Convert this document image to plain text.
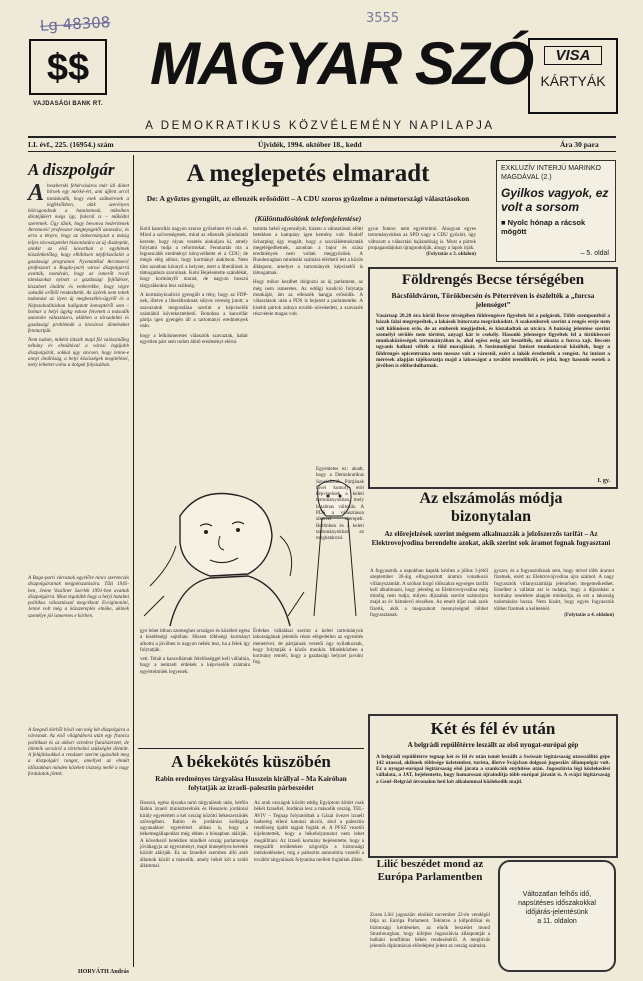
Lg 48308	3555
$$
VAJDASÁGI BANK RT.
MAGYAR SZÓ	VISA
KÁRTYÁK
A DEMOKRATIKUS KÖZVÉLEMÉNY NAPILAPJA
LI. évf., 225. (16954.) szám	Újvidék, 1994. október 18., kedd	Ára 30 para
A diszpolgár
Abeszberski fehérvásáros már idi dönet hírnek egy mérké-ért, ami újfent arról tanúskodik, hogy ezek szükséresek a legfelsőbben, akik szerényen bölcsgondnak a hatalomnak, mikoiben döntéjükért mégs így, federál is – működni szeretnek. Úgy tűnik, hogy bevonva hederítenek Avromović professzor megtepsgetől azonsára, és arra a tényre, hogy az önkormányzat a másig teljes távoszigetelet biszonlatúra az új diszkeptüt, annkit az első kavarban a egyhitnek köszönhetőleg, hogy elhibítsen népfelszólalót a gazdasági programot. Nyomatékul Avramović professzort a Bogdo-parti városi díszpolgárrá avatták, mondván, hogy az ismerőt rocdi támászokat nyitott a gazdasági fejlődésre, kiszabott önállni és emberekbe, hogy végre sokadik erőből rendezhetik. Az üzérek nem tettek tudomást az ilyen új megbeszélés-ügyről és a Népszabadításban hallgatott komoptéről sem – holnar a helyi ügykg eztose felvetett a második autonóm választásra, akikben a társadalmi és gazdasági problémák a kisvárosi döntéseket fenntartják.

Nem tudom, miként látszik majd föl valószínűleg néhány év elmúltával a városi legújabb díszpolgárát, sokkal úgy sincsen, hogy lenne-e annyi önállóság, a helyi közösségek megítélései, mely lehetett volna a dolgok folyásában.

A Bogo-parti városnak egyelőre nincs szerencsés díszpolgárainak megpótszatására. Tűzi 1945-ben, Jenne Vasiliner Szerlék 1991-ben avattak díszpolgárrá. Most legalább hogy a helyi hatalmi politikus választással megcélzott Evriginonini, Jenné volt még a közszereplés elnöke, akinek személye jól ismeretes e körben.
A Szegedi körből hívál van még két díszpolgára a városnak. Az első világháború után egy francia politikust és az akkori ezredest fiatalszerzett, de ötleteik sorsáról a történelmi szükséglet döntött. A felújításokkal a rendszer szerint igazolták meg a díszpolgári rangot, amellyel az elmúlt időszakban minden közéleti tisztség mellé a nagy fordulatok jöttek.
HORVÁTH András
A meglepetés elmaradt
De: A győztes gyengült, az ellenzék erősödött – A CDU szoros győzelme a németországi választásokon
(Különtudósítónk telefonjelentése)

Kohl kancellár nagyon szoros győzelmet ért csak el. Mind a szövetségesek, mind az ellenzék jóindulatát kereste, hogy olyan vezetés alakuljon ki, amely folytatni tudja a reformokat. Fenntartás óta a legnoscabb eredményt könyvelhette el a CDU; de mégis elég ahhoz, hogy kormányt alakítson. Nem tűnt azonban könnyű a helyzet, mert a liberálisok is támogatásra szorulnak. Kohl Bejelentette szándékát, hogy kormányfő marad, de nagyon hosszú tárgyalásokra lesz szükség.

A kormánykoalíció gyengült a tény, hogy az FDP-nek, illetve a liberálisoknak súlyos vereség jutott, a szavazatok megoszlása szerint a képviselők számából következtethető. Bonnban a kancellár pártja igen gyengén áll a tartományi eredmények után.

hogy a lelkiismeretes választók szavaztak, habár egyetlen párt sem tudott átütő eredményt elérni.

tartotta belső egyensúlyát, hiszen a választások előtti hetekben a kampány igen kemény volt. Rudolf Scharping úgy reagált, hogy a szociáldemokraták megelégedhetnek, azonban a bajor és szász eredmények nem voltak meggyőzőek. A Bundestagban mindenki számára elérhető lett a közös álláspont, amelyet a tartományok képviselői is támogatnak.

Hogy mikor kezdhet dolgozni az új parlament, az még nem ismeretes. Az eddigi koalíció folytatja munkáját, ám az ellenzék hangja erősödik. A választások után a PDS is bejutott a parlamentbe. A kisebb pártok aránya tovább növekedett, a szavazók részvétele magas volt.

gyon fontos: nem egyértelmű. Ahogyan egyes tartományokban az SPD vagy a CDU győzött, úgy változott a választási hajlandóság is. Most a pártok propagandájukat újragondolják, ahogy a lapok írják.

(Folytatás a 3. oldalon)

gye lehet itthon szemeghes országos és közéleti egész a kisebbségi sajtóban. Hiszen többségi kormányt alkotni a jövőben is nagyon nehéz lesz, ha a felek így folytatják.

vett. Tehát a kancellárnak felelősséggel kell vállalnia, hogy a nemzeti érdekek a képviselők számára egyértelműek legyenek.

Érdekes vállalásai szerint a keleti tartományok lakosságának jelentős része elégedetlen az egyesítés menetével, de pártjainak vezetői úgy nyilatkoztak, hogy folytatják a közös munkát. Mindeközben a kormány reméli, hogy a gazdasági helyzet javulni fog.

Egyenletes ez: akadt, hogy a Demokratikus Szocialisták Pártjának hívei komoly erőt képviselnek a keleti tartományokban, mely hatalmas változás. A PDS a választáson sikerrel szerepelt. Berlinben és a keleti tartományokban ez meghatározó.

EXKLUZÍV INTERJÚ MARINKO MAGDÁVAL (2.)
Gyilkos vagyok, ez volt a sorsom
■ Nyolc hónap a rácsok mögött
– 5. oldal
Földrengés Becse térségében
Bácsföldváron, Törökbecsén és Péterréven is észlelték a „furcsa jelenséget”
Vasárnap 20.20 óra körül Becse térségében földrengésre figyeltek fel a polgárok. Több szempontból a házak falai megrepedtek, a lakások bútorzata megrázkódott. A szakemberek szerint a rengés ereje nem volt különösen erős, de az emberek megijedtek, és kiszaladtak az utcára. A hatóság jelentése szerint személyi sérülés nem történt, anyagi kár is csekély. Hasonló jelenségre figyeltek fel a törökbecsei munkaközösségek tartományában is, ahol egész estig azt beszélték, mi okozta a furcsa zajt. Becsén ugyanis hallani vélték a föld morajlását. A Szeizmológiai Intézet munkatársai közölték, hogy a földrengés epicentruma nem messze volt a várostól, ezért a lakók érezhették a rengést. Az intézet a mérések alapján tájékoztatja majd a lakosságot a további teendőkről, és jelzi, hogy hasonló esetek a jövőben is előfordulhatnak.
I. gy.
Az elszámolás módja bizonytalan
Az előrejelzések szerint mégsem alkalmazzák a jelzőszerzős tarifát – Az Elektrovojvodina berendelte azokat, akik szerint sok áramot fognak fogyasztani
A fogyasztók a napokban kapták kézhez a július 1-jétől szeptember 30-áig elfogyasztott áramra vonatkozó villanyszámlát. A szóban forgó időszakra egységes tarifát kell alkalmazni, hogy jelenleg az Elektrovojvodina még mindig nem tudja, milyen díjszabás szerint számoljon majd az év hátralevő részében. Az emelt díjat csak azok fizetik, akik a megszabott mennyiségnél többet fogyasztanak.

gyszer, és a fogyasztóknak sem, hogy mivel több áramot fizetnek, ezért az Elektrovojvodina újra számol. A nagy fogyasztók villanyszámlája jelentősen megemelkedhet. Emellett a vállalat azt is tudatja, hogy a díjszabást a kormány rendelete alapján módosítja, és ezt a lakosság tudomására hozza. Nem kizárt, hogy egyes fogyasztók többet fizetnek a kelleténél.

(Folytatás a 4. oldalon)

A békekötés küszöbén
Rabin eredményes tárgyalása Husszein királlyal – Ma Kairóban folytatják az izraeli–palesztin párbeszédet
Hosszú, egész éjszaka tartó tárgyalások után, hétfőn Rabin izraeli miniszterelnök és Husszein jordániai király egyetértett a két ország közötti békeszerződés szövegében. Rabin és jordániai kollégája ugyanakkor egyetértett abban is, hogy a békemegállapodást még ebben a hónapban aláírják. A következő hetekben mindkét ország parlamentje jóváhagyja az egyezményt, majd ünnepélyes keretek között aláírják. Ez az Izraellel szemben álló arab államok közül a második, amely békét köt a zsidó állammal.
Az arab országok között eddig Egyiptom kötött csak békét Izraellel, Jordánia lesz a második ország. TEL-AVIV – Tegnap folytatódtak a Gázai övezet izraeli hadsereg elleni katonai akciói, ahol a palesztin rendőrség újabb tagjait fogták el. A PFSZ vezetői kijelentették, hogy a békefolyamatot nem lehet megállítani. Az izraeli kormány bejelentette, hogy a megszállt területeken szigorítja a biztonsági intézkedéseket, míg a palesztin autonómia vezetői a további tárgyalások folytatása mellett foglaltak állást.
Két és fél év után
A belgrádi repülőtérre leszállt az első nyugat-európai gép
A belgrádi repülőtérre tegnap két és fél év után ismét leszállt a Swissair légitársaság utasszállító gépe 142 utassal, akiknek többsége üzletember, turista, illetve Svájcban dolgozó jugoszláv állampolgár volt. Ez a nyugat-európai légitársaság első járata a szankciók enyhítése után. Jugoszlávia légi közlekedési vállalata, a JAT, bejelentette, hogy hamarosan újraindítja több európai járatát is. A svájci légitársaság a Genf–Belgrád útvonalon heti két alkalommal közlekedik majd.
Lilić beszédet mond az Európa Parlamentben
Zoran Lilić jugoszláv elnököt november 22-én vendégül látja az Európa Parlament. Tekintve a külpolitikai és biztonsági kérdéseket, az elnök beszédet mond Strasbourgban, hogy kifejtse Jugoszlávia álláspontját a balkáni konfliktus békés rendezéséről. A meghívás jelentős diplomáciai előrelépést jelent az ország számára.
Változatlan felhős idő,
napsütéses időszakokkal
időjárás-jelentésünk
a 11. oldalon
